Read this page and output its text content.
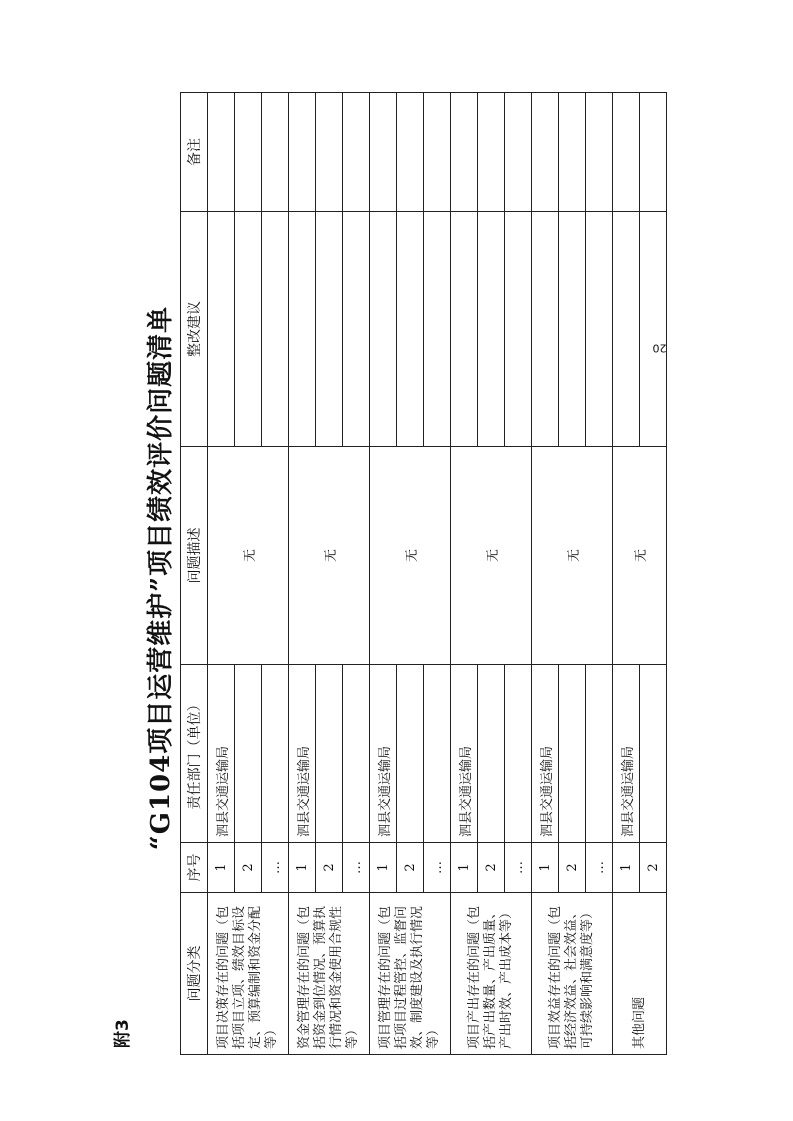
附3
“G104项目运营维护”项目绩效评价问题清单
问题分类	序号	责任部门（单位）	问题描述	整改建议	备注
项目决策存在的问题（包括项目立项、绩效目标设定、预算编制和资金分配等）	1	泗县交通运输局	无		
	2				
	…				
资金管理存在的问题（包括资金到位情况、预算执行情况和资金使用合规性等）	1	泗县交通运输局	无		
	2				
	…				
项目管理存在的问题（包括项目过程管控、监督问效、制度建设及执行情况等）	1	泗县交通运输局	无		
	2				
	…				
项目产出存在的问题（包括产出数量、产出质量、产出时效、产出成本等）	1	泗县交通运输局	无		
	2				
	…				
项目效益存在的问题（包括经济效益、社会效益、可持续影响和满意度等）	1	泗县交通运输局	无		
	2				
	…				
其他问题	1	泗县交通运输局	无		
	2				
20
